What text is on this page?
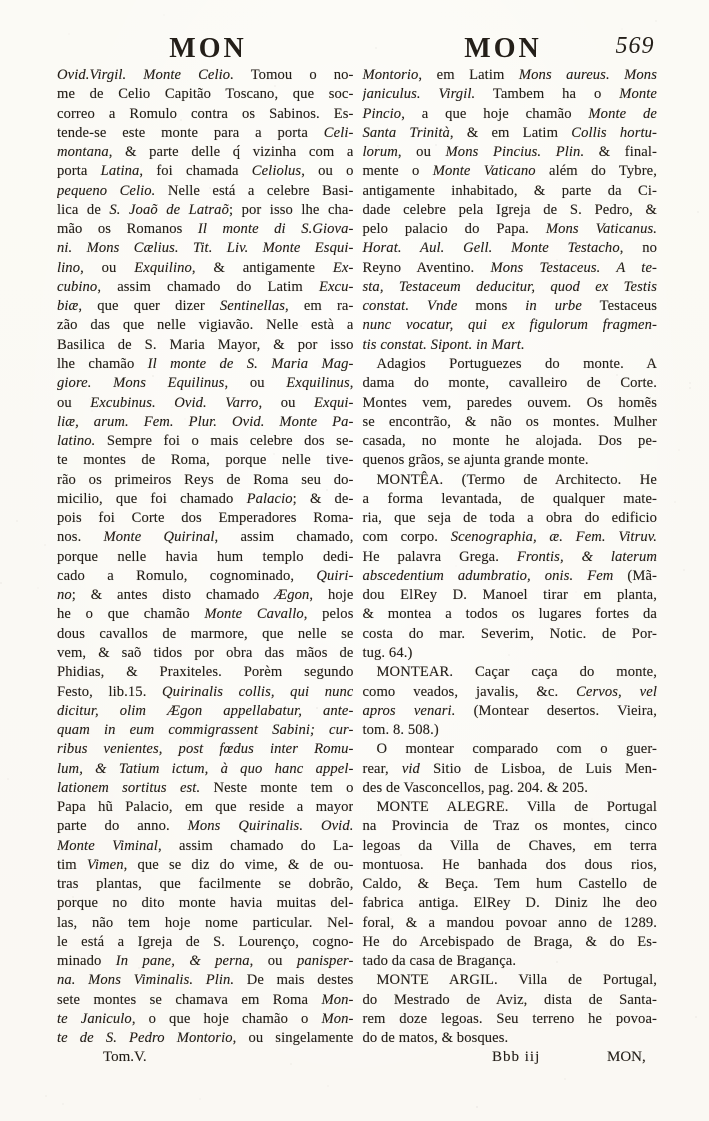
MON	MON	569
Ovid.Virgil. Monte Celio. Tomou o no-
me de Celio Capitão Toscano, que soc-
correo a Romulo contra os Sabinos. Es-
tende-se este monte para a porta Celi-
montana, & parte delle q́ vizinha com a
porta Latina, foi chamada Celiolus, ou o
pequeno Celio. Nelle está a celebre Basi-
lica de S. Joaõ de Latraõ; por isso lhe cha-
mão os Romanos Il monte di S.Giova-
ni. Mons Cælius. Tit. Liv. Monte Esqui-
lino, ou Exquilino, & antigamente Ex-
cubino, assim chamado do Latim Excu-
biæ, que quer dizer Sentinellas, em ra-
zão das que nelle vigiavão. Nelle està a
Basilica de S. Maria Mayor, & por isso
lhe chamão Il monte de S. Maria Mag-
giore. Mons Equilinus, ou Exquilinus,
ou Excubinus. Ovid. Varro, ou Exqui-
liæ, arum. Fem. Plur. Ovid. Monte Pa-
latino. Sempre foi o mais celebre dos se-
te montes de Roma, porque nelle tive-
rão os primeiros Reys de Roma seu do-
micilio, que foi chamado Palacio; & de-
pois foi Corte dos Emperadores Roma-
nos. Monte Quirinal, assim chamado,
porque nelle havia hum templo dedi-
cado a Romulo, cognominado, Quiri-
no; & antes disto chamado Ægon, hoje
he o que chamão Monte Cavallo, pelos
dous cavallos de marmore, que nelle se
vem, & saõ tidos por obra das mãos de
Phidias, & Praxiteles. Porèm segundo
Festo, lib.15. Quirinalis collis, qui nunc
dicitur, olim Ægon appellabatur, ante-
quam in eum commigrassent Sabini; cur-
ribus venientes, post fœdus inter Romu-
lum, & Tatium ictum, à quo hanc appel-
lationem sortitus est. Neste monte tem o
Papa hũ Palacio, em que reside a mayor
parte do anno. Mons Quirinalis. Ovid.
Monte Viminal, assim chamado do La-
tim Vimen, que se diz do vime, & de ou-
tras plantas, que facilmente se dobrão,
porque no dito monte havia muitas del-
las, não tem hoje nome particular. Nel-
le está a Igreja de S. Lourenço, cogno-
minado In pane, & perna, ou panisper-
na. Mons Viminalis. Plin. De mais destes
sete montes se chamava em Roma Mon-
te Janiculo, o que hoje chamão o Mon-
te de S. Pedro Montorio, ou singelamente
Montorio, em Latim Mons aureus. Mons
janiculus. Virgil. Tambem ha o Monte
Pincio, a que hoje chamão Monte de
Santa Trinità, & em Latim Collis hortu-
lorum, ou Mons Pincius. Plin. & final-
mente o Monte Vaticano além do Tybre,
antigamente inhabitado, & parte da Ci-
dade celebre pela Igreja de S. Pedro, &
pelo palacio do Papa. Mons Vaticanus.
Horat. Aul. Gell. Monte Testacho, no
Reyno Aventino. Mons Testaceus. A te-
sta, Testaceum deducitur, quod ex Testis
constat. Vnde mons in urbe Testaceus
nunc vocatur, qui ex figulorum fragmen-
tis constat. Sipont. in Mart.
Adagios Portuguezes do monte. A
dama do monte, cavalleiro de Corte.
Montes vem, paredes ouvem. Os homẽs
se encontrão, & não os montes. Mulher
casada, no monte he alojada. Dos pe-
quenos grãos, se ajunta grande monte.
MONTÊA. (Termo de Architecto. He
a forma levantada, de qualquer mate-
ria, que seja de toda a obra do edificio
com corpo. Scenographia, æ. Fem. Vitruv.
He palavra Grega. Frontis, & laterum
abscedentium adumbratio, onis. Fem (Mã-
dou ElRey D. Manoel tirar em planta,
& montea a todos os lugares fortes da
costa do mar. Severim, Notic. de Por-
tug. 64.)
MONTEAR. Caçar caça do monte,
como veados, javalis, &c. Cervos, vel
apros venari. (Montear desertos. Vieira,
tom. 8. 508.)
O montear comparado com o guer-
rear, vid Sitio de Lisboa, de Luis Men-
des de Vasconcellos, pag. 204. & 205.
MONTE ALEGRE. Villa de Portugal
na Provincia de Traz os montes, cinco
legoas da Villa de Chaves, em terra
montuosa. He banhada dos dous rios,
Caldo, & Beça. Tem hum Castello de
fabrica antiga. ElRey D. Diniz lhe deo
foral, & a mandou povoar anno de 1289.
He do Arcebispado de Braga, & do Es-
tado da casa de Bragança.
MONTE ARGIL. Villa de Portugal,
do Mestrado de Aviz, dista de Santa-
rem doze legoas. Seu terreno he povoa-
do de matos, & bosques.
Tom.V.	Bbb iij	MON,
